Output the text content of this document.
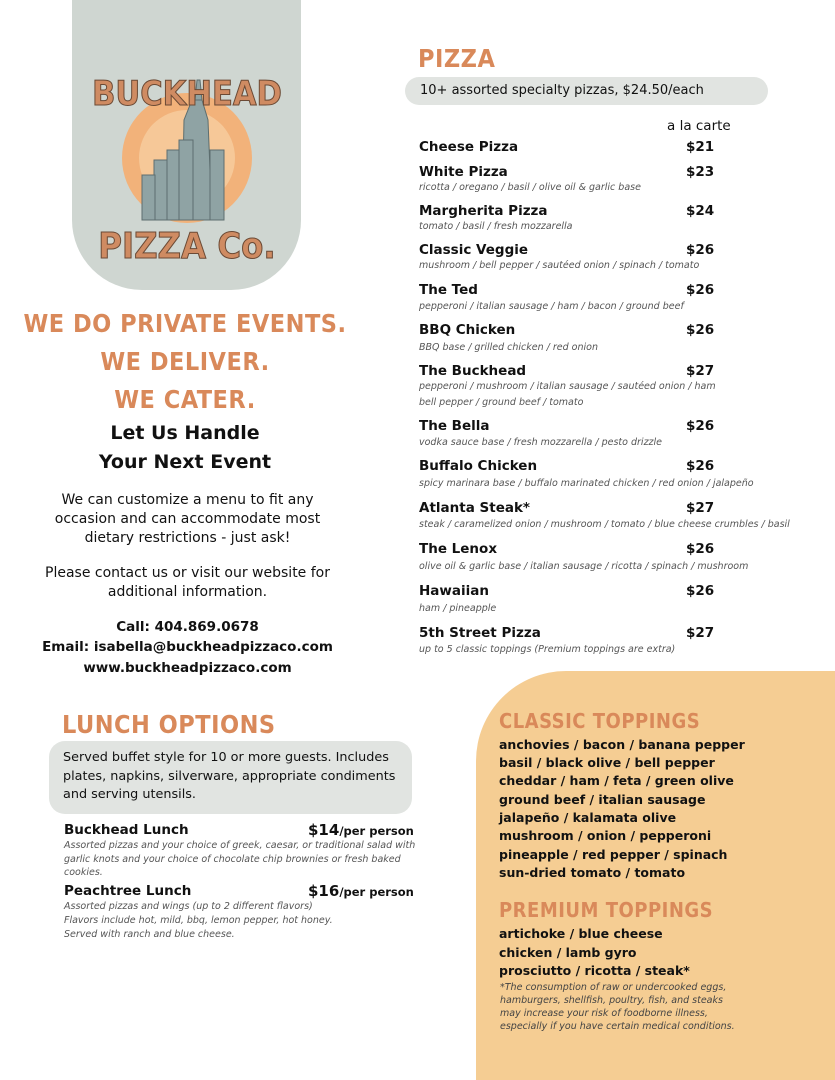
BUCKHEAD
PIZZA Co.
WE DO PRIVATE EVENTS.
WE DELIVER.
WE CATER.
Let Us Handle
Your Next Event
We can customize a menu to fit any occasion and can accommodate most dietary restrictions - just ask!
Please contact us or visit our website for additional information.
Call: 404.869.0678
Email: isabella@buckheadpizzaco.com
www.buckheadpizzaco.com
PIZZA
10+ assorted specialty pizzas, $24.50/each
a la carte
Cheese Pizza	$21
White Pizza	$23
ricotta / oregano / basil / olive oil & garlic base
Margherita Pizza	$24
tomato / basil / fresh mozzarella
Classic Veggie	$26
mushroom / bell pepper / sautéed onion / spinach / tomato
The Ted	$26
pepperoni / italian sausage / ham / bacon / ground beef
BBQ Chicken	$26
BBQ base / grilled chicken / red onion
The Buckhead	$27
pepperoni / mushroom / italian sausage / sautéed onion / ham
bell pepper / ground beef / tomato
The Bella	$26
vodka sauce base / fresh mozzarella / pesto drizzle
Buffalo Chicken	$26
spicy marinara base / buffalo marinated chicken / red onion / jalapeño
Atlanta Steak*	$27
steak / caramelized onion / mushroom / tomato / blue cheese crumbles / basil
The Lenox	$26
olive oil & garlic base / italian sausage / ricotta / spinach / mushroom
Hawaiian	$26
ham / pineapple
5th Street Pizza	$27
up to 5 classic toppings (Premium toppings are extra)
LUNCH OPTIONS
Served buffet style for 10 or more guests. Includes plates, napkins, silverware, appropriate condiments and serving utensils.
Buckhead Lunch	$14/per person
Assorted pizzas and your choice of greek, caesar, or traditional salad with garlic knots and your choice of chocolate chip brownies or fresh baked cookies.
Peachtree Lunch	$16/per person
Assorted pizzas and wings (up to 2 different flavors)
Flavors include hot, mild, bbq, lemon pepper, hot honey.
Served with ranch and blue cheese.
CLASSIC TOPPINGS
anchovies / bacon / banana pepper
basil / black olive / bell pepper
cheddar / ham / feta / green olive
ground beef / italian sausage
jalapeño / kalamata olive
mushroom / onion / pepperoni
pineapple / red pepper / spinach
sun-dried tomato / tomato
PREMIUM TOPPINGS
artichoke / blue cheese
chicken / lamb gyro
prosciutto / ricotta / steak*
*The consumption of raw or undercooked eggs, hamburgers, shellfish, poultry, fish, and steaks may increase your risk of foodborne illness, especially if you have certain medical conditions.
